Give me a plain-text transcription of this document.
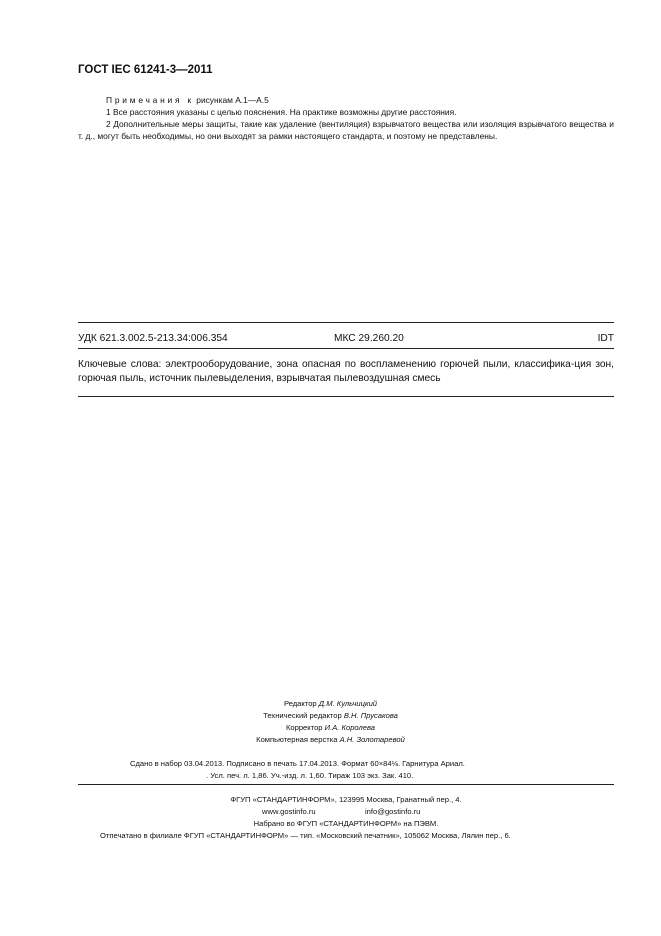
ГОСТ IEC 61241-3—2011

Примечания к рисункам А.1—А.5

1 Все расстояния указаны с целью пояснения. На практике возможны другие расстояния.

2 Дополнительные меры защиты, такие как удаление (вентиляция) взрывчатого вещества или изоляция взрывчатого вещества и т. д., могут быть необходимы, но они выходят за рамки настоящего стандарта, и поэтому не представлены.

УДК 621.3.002.5-213.34:006.354	МКС 29.260.20	IDT
Ключевые слова: электрооборудование, зона опасная по воспламенению горючей пыли, классифика-ция зон, горючая пыль, источник пылевыделения, взрывчатая пылевоздушная смесь
Редактор Д.М. Кульчицкий
Технический редактор В.Н. Прусакова
Корректор И.А. Королева
Компьютерная верстка А.Н. Золотаревой
Сдано в набор 03.04.2013. Подписано в печать 17.04.2013. Формат 60×84⅛. Гарнитура Ариал.
. Усл. печ. л. 1,86. Уч.-изд. л. 1,60. Тираж 103 экз. Зак. 410.
ФГУП «СТАНДАРТИНФОРМ», 123995 Москва, Гранатный пер., 4.
www.gostinfo.ru	info@gostinfo.ru
Набрано во ФГУП «СТАНДАРТИНФОРМ» на ПЭВМ.
Отпечатано в филиале ФГУП «СТАНДАРТИНФОРМ» — тип. «Московский печатник», 105062 Москва, Лялин пер., 6.
